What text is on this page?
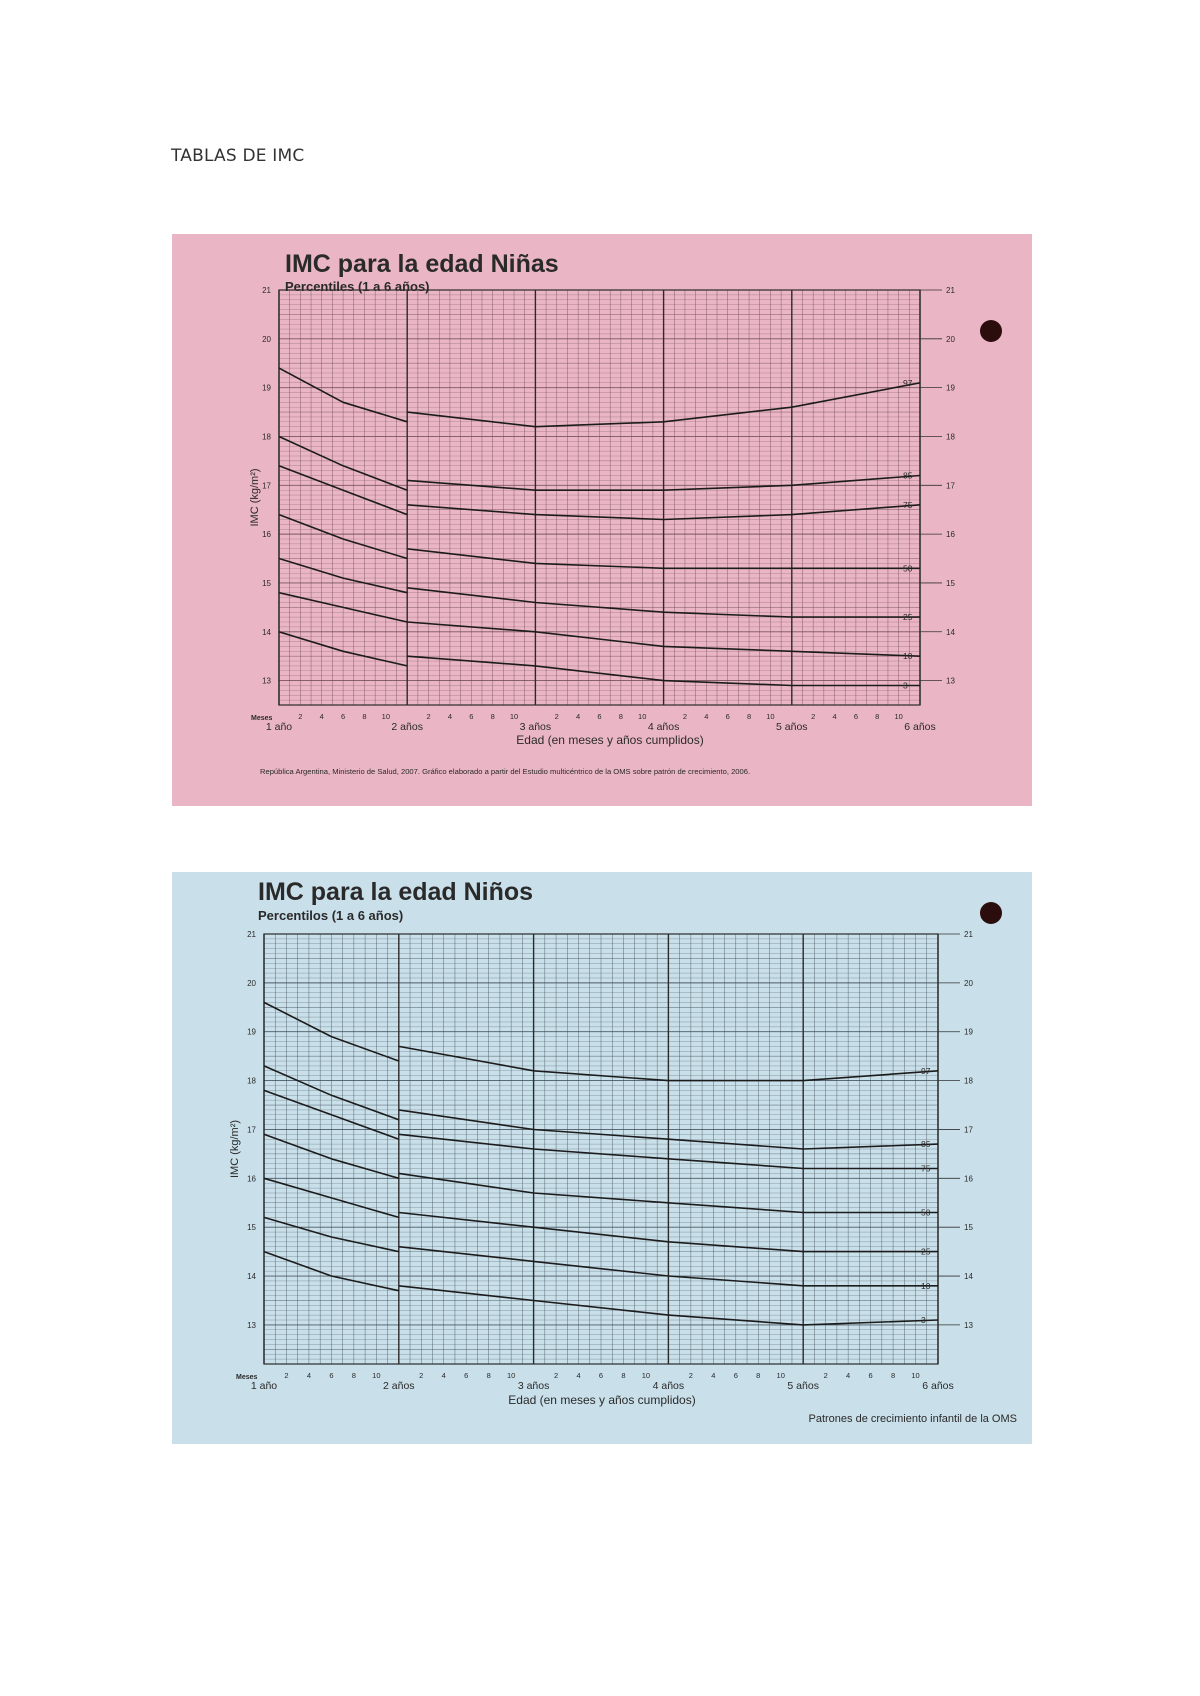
TABLAS DE IMC
IMC para la edad Niñas
Percentiles (1 a 6 años)
13	13
14	14
15	15
16	16
17	17
18	18
19	19
20	20
21	21
IMC (kg/m²)
Meses	2 4 6 8 10	2 4 6 8 10	2 4 6 8 10	2 4 6 8 10	2 4 6 8 10
1 año	2 años	3 años	4 años	5 años	6 años
Edad (en meses y años cumplidos)
97
85
75
50
25
10
3
República Argentina, Ministerio de Salud, 2007. Gráfico elaborado a partir del Estudio multicéntrico de la OMS sobre patrón de crecimiento, 2006.
IMC para la edad Niños
Percentilos (1 a 6 años)
13	13
14	14
15	15
16	16
17	17
18	18
19	19
20	20
21	21
IMC (kg/m²)
Meses	2 4 6 8 10	2 4 6 8 10	2 4 6 8 10	2 4 6 8 10	2 4 6 8 10
1 año	2 años	3 años	4 años	5 años	6 años
Edad (en meses y años cumplidos)
97
85
75
50
25
10
3
Patrones de crecimiento infantil de la OMS
